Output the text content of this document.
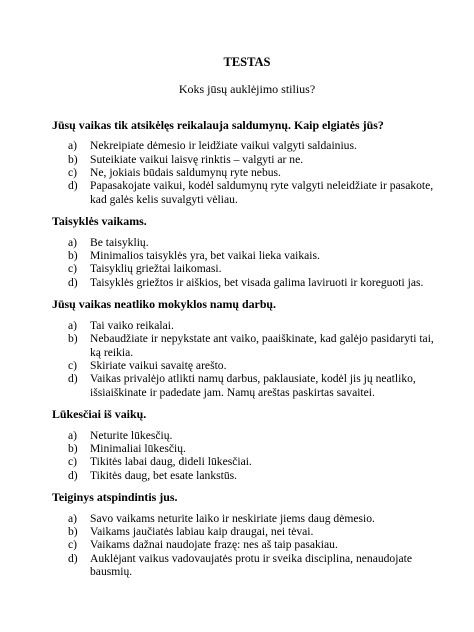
TESTAS

Koks jūsų auklėjimo stilius?

Jūsų vaikas tik atsikėlęs reikalauja saldumynų. Kaip elgiatės jūs?

a)	Nekreipiate dėmesio ir leidžiate vaikui valgyti saldainius.
b)	Suteikiate vaikui laisvę rinktis – valgyti ar ne.
c)	Ne, jokiais būdais saldumynų ryte nebus.
d)	Papasakojate vaikui, kodėl saldumynų ryte valgyti neleidžiate ir pasakote, kad galės kelis suvalgyti vėliau.

Taisyklės vaikams.

a)	Be taisyklių.
b)	Minimalios taisyklės yra, bet vaikai lieka vaikais.
c)	Taisyklių griežtai laikomasi.
d)	Taisyklės griežtos ir aiškios, bet visada galima laviruoti ir koreguoti jas.

Jūsų vaikas neatliko mokyklos namų darbų.

a)	Tai vaiko reikalai.
b)	Nebaudžiate ir nepykstate ant vaiko, paaiškinate, kad galėjo pasidaryti tai, ką reikia.
c)	Skiriate vaikui savaitę arešto.
d)	Vaikas privalėjo atlikti namų darbus, paklausiate, kodėl jis jų neatliko, išsiaiškinate ir padedate jam. Namų areštas paskirtas savaitei.

Lūkesčiai iš vaikų.

a)	Neturite lūkesčių.
b)	Minimaliai lūkesčių.
c)	Tikitės labai daug, dideli lūkesčiai.
d)	Tikitės daug, bet esate lankstūs.

Teiginys atspindintis jus.

a)	Savo vaikams neturite laiko ir neskiriate jiems daug dėmesio.
b)	Vaikams jaučiatės labiau kaip draugai, nei tėvai.
c)	Vaikams dažnai naudojate frazę: nes aš taip pasakiau.
d)	Auklėjant vaikus vadovaujatės protu ir sveika disciplina, nenaudojate bausmių.
